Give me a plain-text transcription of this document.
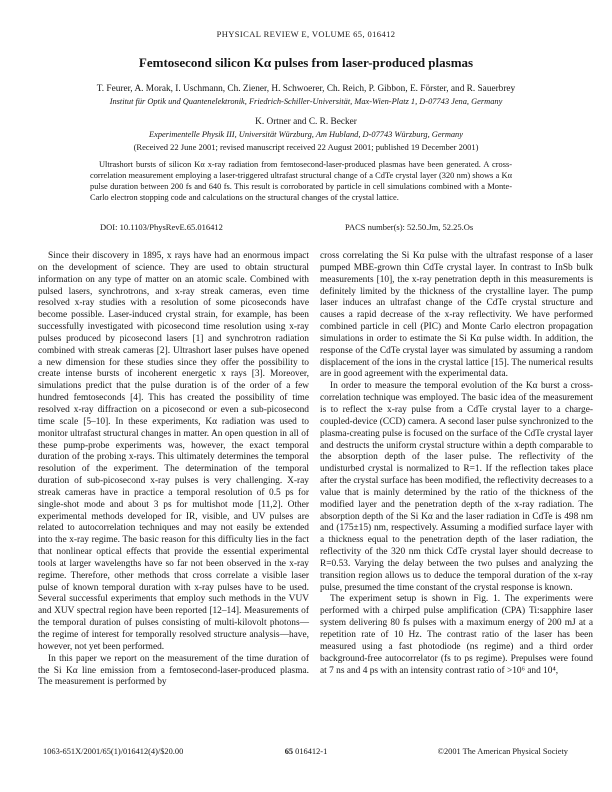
PHYSICAL REVIEW E, VOLUME 65, 016412
Femtosecond silicon Kα pulses from laser-produced plasmas
T. Feurer, A. Morak, I. Uschmann, Ch. Ziener, H. Schwoerer, Ch. Reich, P. Gibbon, E. Förster, and R. Sauerbrey
Institut für Optik und Quantenelektronik, Friedrich-Schiller-Universität, Max-Wien-Platz 1, D-07743 Jena, Germany
K. Ortner and C. R. Becker
Experimentelle Physik III, Universität Würzburg, Am Hubland, D-07743 Würzburg, Germany
(Received 22 June 2001; revised manuscript received 22 August 2001; published 19 December 2001)
Ultrashort bursts of silicon Kα x-ray radiation from femtosecond-laser-produced plasmas have been generated. A cross-correlation measurement employing a laser-triggered ultrafast structural change of a CdTe crystal layer (320 nm) shows a Kα pulse duration between 200 fs and 640 fs. This result is corroborated by particle in cell simulations combined with a Monte-Carlo electron stopping code and calculations on the structural changes of the crystal lattice.
DOI: 10.1103/PhysRevE.65.016412	PACS number(s): 52.50.Jm, 52.25.Os

Since their discovery in 1895, x rays have had an enormous impact on the development of science. They are used to obtain structural information on any type of matter on an atomic scale. Combined with pulsed lasers, synchrotrons, and x-ray streak cameras, even time resolved x-ray studies with a resolution of some picoseconds have become possible. Laser-induced crystal strain, for example, has been successfully investigated with picosecond time resolution using x-ray pulses produced by picosecond lasers [1] and synchrotron radiation combined with streak cameras [2]. Ultrashort laser pulses have opened a new dimension for these studies since they offer the possibility to create intense bursts of incoherent energetic x rays [3]. Moreover, simulations predict that the pulse duration is of the order of a few hundred femtoseconds [4]. This has created the possibility of time resolved x-ray diffraction on a picosecond or even a sub-picosecond time scale [5–10]. In these experiments, Kα radiation was used to monitor ultrafast structural changes in matter. An open question in all of these pump-probe experiments was, however, the exact temporal duration of the probing x-rays. This ultimately determines the temporal resolution of the experiment. The determination of the temporal duration of sub-picosecond x-ray pulses is very challenging. X-ray streak cameras have in practice a temporal resolution of 0.5 ps for single-shot mode and about 3 ps for multishot mode [11,2]. Other experimental methods developed for IR, visible, and UV pulses are related to autocorrelation techniques and may not easily be extended into the x-ray regime. The basic reason for this difficulty lies in the fact that nonlinear optical effects that provide the essential experimental tools at larger wavelengths have so far not been observed in the x-ray regime. Therefore, other methods that cross correlate a visible laser pulse of known temporal duration with x-ray pulses have to be used. Several successful experiments that employ such methods in the VUV and XUV spectral region have been reported [12–14]. Measurements of the temporal duration of pulses consisting of multi-kilovolt photons—the regime of interest for temporally resolved structure analysis—have, however, not yet been performed.

In this paper we report on the measurement of the time duration of the Si Kα line emission from a femtosecond-laser-produced plasma. The measurement is performed by

cross correlating the Si Kα pulse with the ultrafast response of a laser pumped MBE-grown thin CdTe crystal layer. In contrast to InSb bulk measurements [10], the x-ray penetration depth in this measurements is definitely limited by the thickness of the crystalline layer. The pump laser induces an ultrafast change of the CdTe crystal structure and causes a rapid decrease of the x-ray reflectivity. We have performed combined particle in cell (PIC) and Monte Carlo electron propagation simulations in order to estimate the Si Kα pulse width. In addition, the response of the CdTe crystal layer was simulated by assuming a random displacement of the ions in the crystal lattice [15]. The numerical results are in good agreement with the experimental data.

In order to measure the temporal evolution of the Kα burst a cross-correlation technique was employed. The basic idea of the measurement is to reflect the x-ray pulse from a CdTe crystal layer to a charge-coupled-device (CCD) camera. A second laser pulse synchronized to the plasma-creating pulse is focused on the surface of the CdTe crystal layer and destructs the uniform crystal structure within a depth comparable to the absorption depth of the laser pulse. The reflectivity of the undisturbed crystal is normalized to R=1. If the reflection takes place after the crystal surface has been modified, the reflectivity decreases to a value that is mainly determined by the ratio of the thickness of the modified layer and the penetration depth of the x-ray radiation. The absorption depth of the Si Kα and the laser radiation in CdTe is 498 nm and (175±15) nm, respectively. Assuming a modified surface layer with a thickness equal to the penetration depth of the laser radiation, the reflectivity of the 320 nm thick CdTe crystal layer should decrease to R=0.53. Varying the delay between the two pulses and analyzing the transition region allows us to deduce the temporal duration of the x-ray pulse, presumed the time constant of the crystal response is known.

The experiment setup is shown in Fig. 1. The experiments were performed with a chirped pulse amplification (CPA) Ti:sapphire laser system delivering 80 fs pulses with a maximum energy of 200 mJ at a repetition rate of 10 Hz. The contrast ratio of the laser has been measured using a fast photodiode (ns regime) and a third order background-free autocorrelator (fs to ps regime). Prepulses were found at 7 ns and 4 ps with an intensity contrast ratio of >10⁶ and 10⁴,

1063-651X/2001/65(1)/016412(4)/$20.00	65 016412-1	©2001 The American Physical Society
